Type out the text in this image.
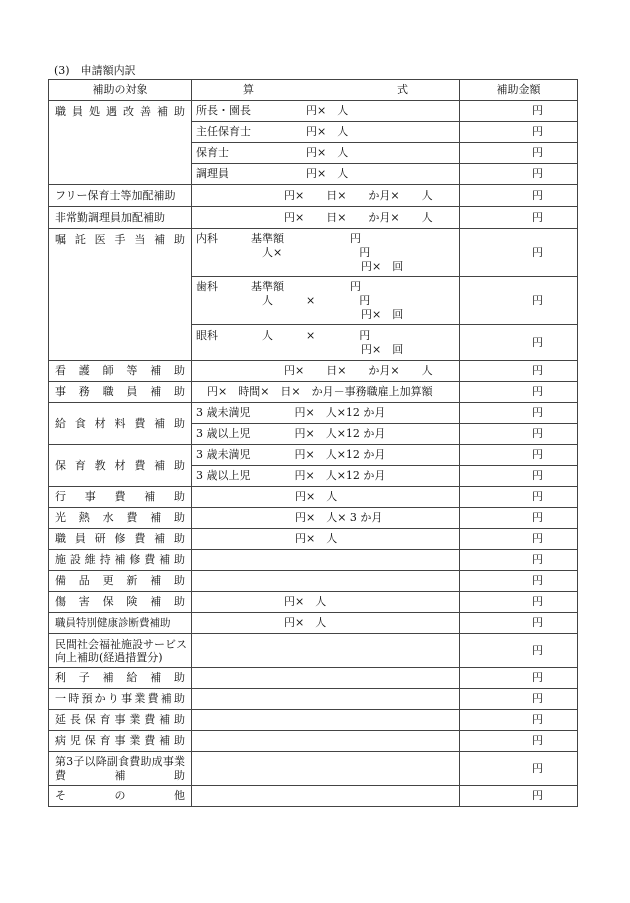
(3)　申請額内訳
補助の対象	算　　　　　　　　　　　　　式	補助金額
職員処遇改善補助	所長・園長　　　　　円×　人	円
	主任保育士　　　　　円×　人	円
	保育士　　　　　　　円×　人	円
	調理員　　　　　　　円×　人	円
フリー保育士等加配補助	　　　　　　　　円×　　日×　　か月×　　人	円
非常勤調理員加配補助	　　　　　　　　円×　　日×　　か月×　　人	円
嘱託医手当補助	内科　　　基準額　　　　　　円
　　　　　　人×　　　　　　　円
　　　　　　　　　　　　　　　円×　回	円
	歯科　　　基準額　　　　　　円
　　　　　　人　　　×　　　　円
　　　　　　　　　　　　　　　円×　回	円
	眼科　　　　人　　　×　　　　円
　　　　　　　　　　　　　　　円×　回	円
看護師等補助	　　　　　　　　円×　　日×　　か月×　　人	円
事務職員補助	　円×　時間×　日×　か月－事務職雇上加算額	円
給食材料費補助	3 歳未満児　　　　円×　人×12 か月	円
	3 歳以上児　　　　円×　人×12 か月	円
保育教材費補助	3 歳未満児　　　　円×　人×12 か月	円
	3 歳以上児　　　　円×　人×12 か月	円
行事費補助	　　　　　　　　　円×　人	円
光熱水費補助	　　　　　　　　　円×　人× 3 か月	円
職員研修費補助	　　　　　　　　　円×　人	円
施設維持補修費補助		円
備品更新補助		円
傷害保険補助	　　　　　　　　円×　人	円
職員特別健康診断費補助	　　　　　　　　円×　人	円
民間社会福祉施設サービス向上補助(経過措置分)		円
利子補給補助		円
一時預かり事業費補助		円
延長保育事業費補助		円
病児保育事業費補助		円
第3子以降副食費助成事業費補助		円
その他		円
